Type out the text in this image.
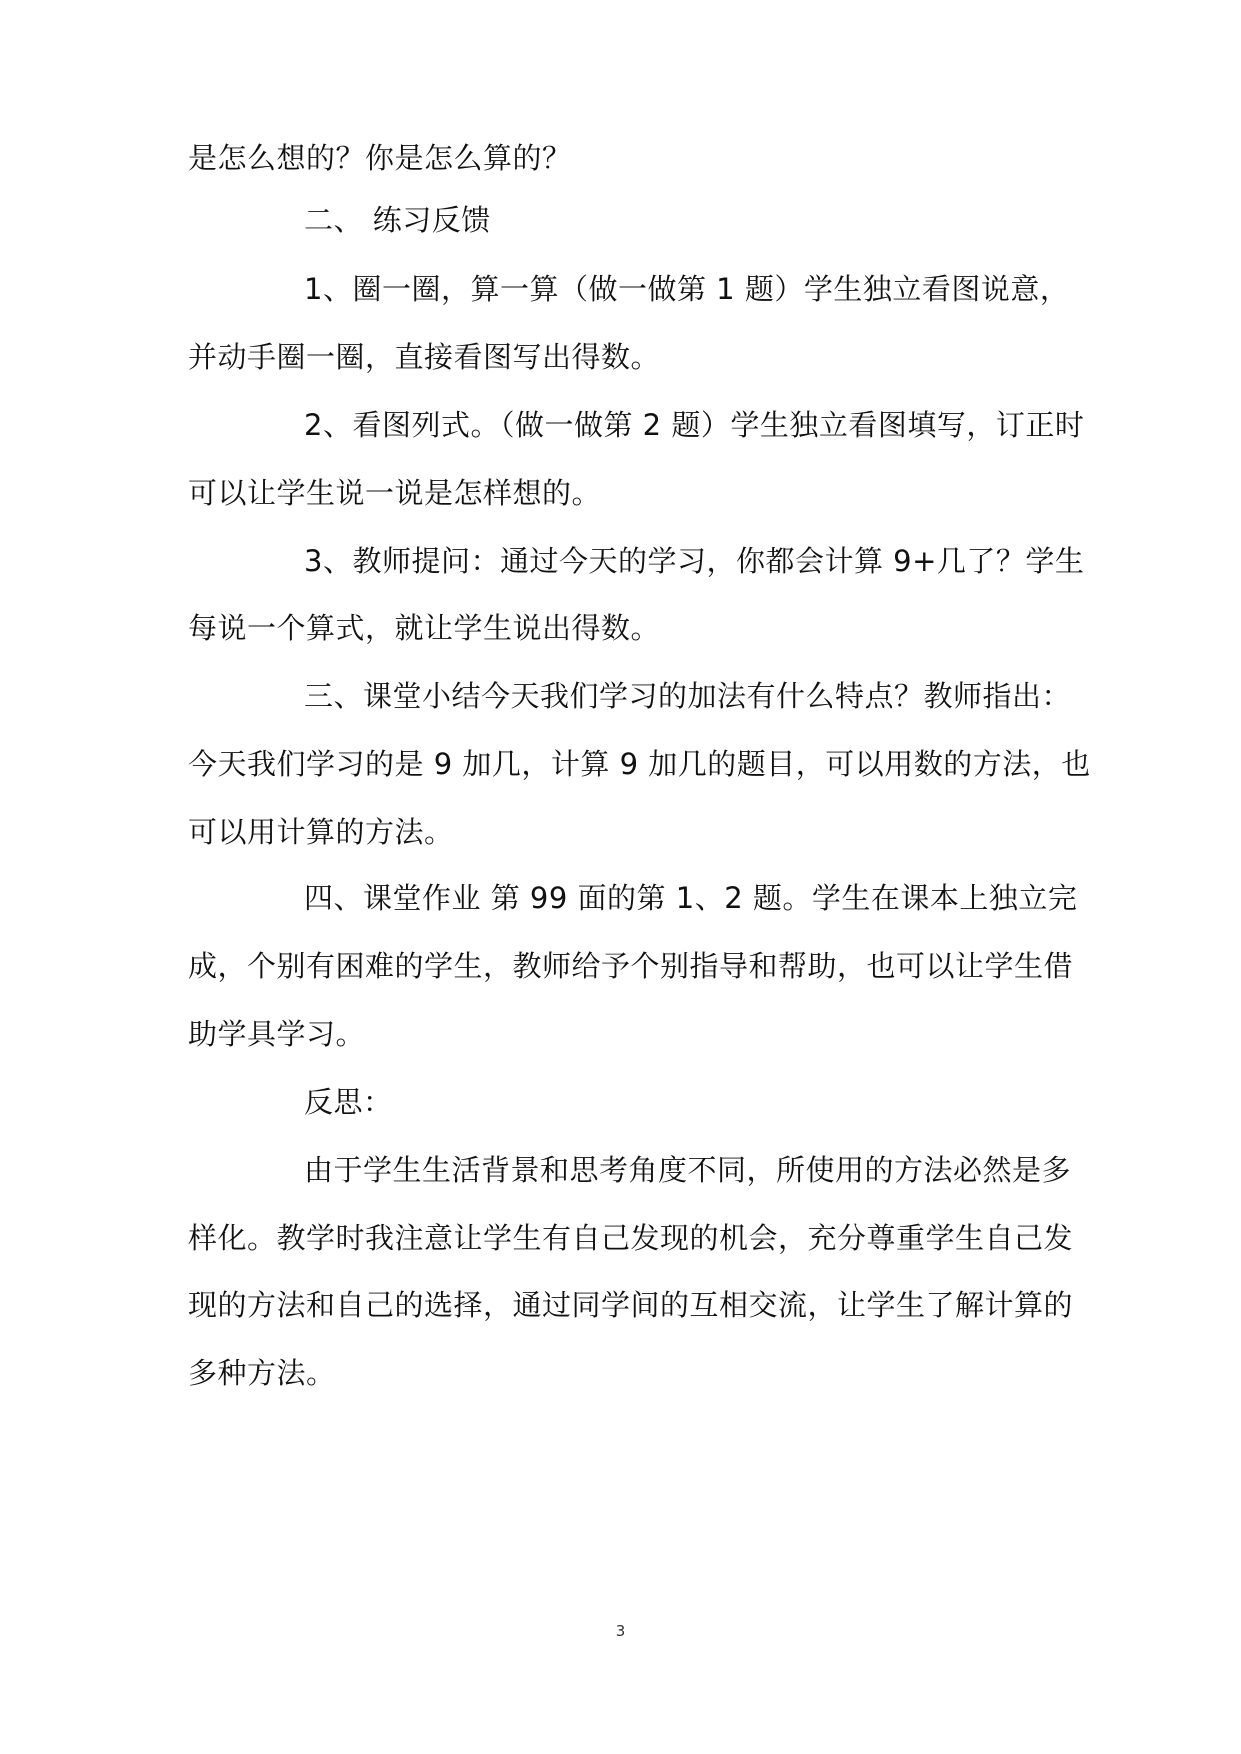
是怎么想的？你是怎么算的？
二、 练习反馈
1、圈一圈，算一算（做一做第 1 题）学生独立看图说意，
并动手圈一圈，直接看图写出得数。
2、看图列式。（做一做第 2 题）学生独立看图填写，订正时
可以让学生说一说是怎样想的。
3、教师提问：通过今天的学习，你都会计算 9+几了？学生
每说一个算式，就让学生说出得数。
三、课堂小结今天我们学习的加法有什么特点？教师指出：
今天我们学习的是 9 加几，计算 9 加几的题目，可以用数的方法，也
可以用计算的方法。
四、课堂作业 第 99 面的第 1、2 题。学生在课本上独立完
成，个别有困难的学生，教师给予个别指导和帮助，也可以让学生借
助学具学习。
反思：
由于学生生活背景和思考角度不同，所使用的方法必然是多
样化。教学时我注意让学生有自己发现的机会，充分尊重学生自己发
现的方法和自己的选择，通过同学间的互相交流，让学生了解计算的
多种方法。
3
